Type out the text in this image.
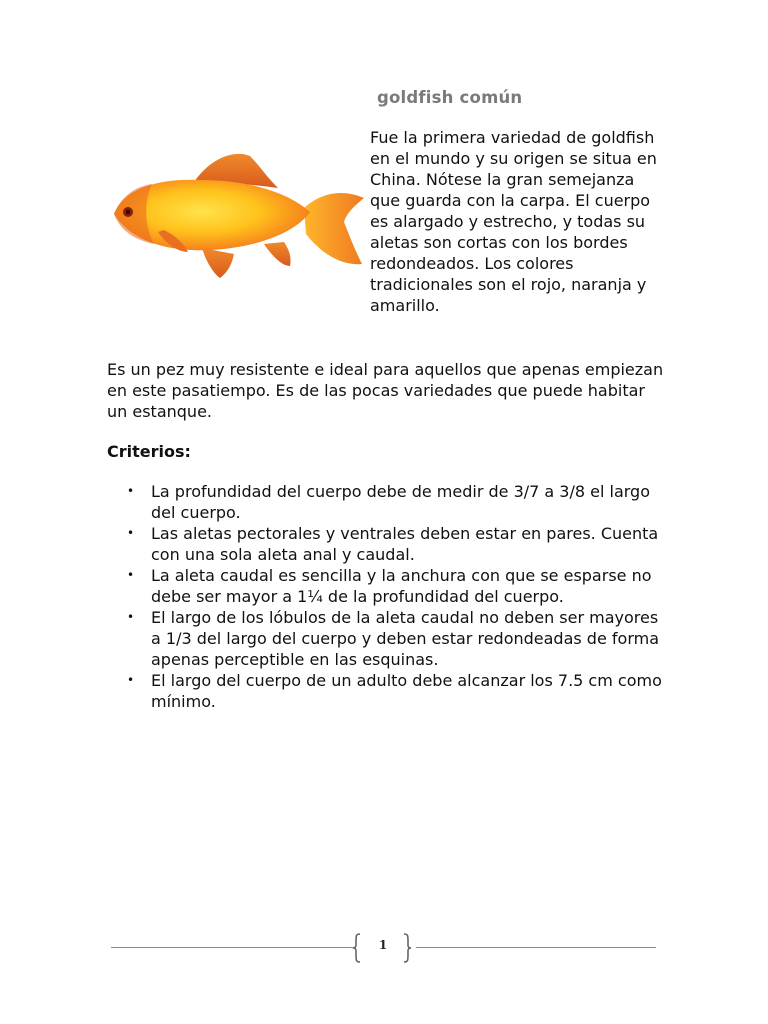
goldfish común

Fue la primera variedad de goldfish en el mundo y su origen se situa en China. Nótese la gran semejanza que guarda con la carpa. El cuerpo es alargado y estrecho, y todas su aletas son cortas con los bordes redondeados. Los colores tradicionales son el rojo, naranja y amarillo.

Es un pez muy resistente e ideal para aquellos que apenas empiezan en este pasatiempo. Es de las pocas variedades que puede habitar un estanque.

Criterios:
• La profundidad del cuerpo debe de medir de 3/7 a 3/8 el largo del cuerpo.
• Las aletas pectorales y ventrales deben estar en pares. Cuenta con una sola aleta anal y caudal.
• La aleta caudal es sencilla y la anchura con que se esparse no debe ser mayor a 1¼ de la profundidad del cuerpo.
• El largo de los lóbulos de la aleta caudal no deben ser mayores a 1/3 del largo del cuerpo y deben estar redondeadas de forma apenas perceptible en las esquinas.
• El largo del cuerpo de un adulto debe alcanzar los 7.5 cm como mínimo.
1
